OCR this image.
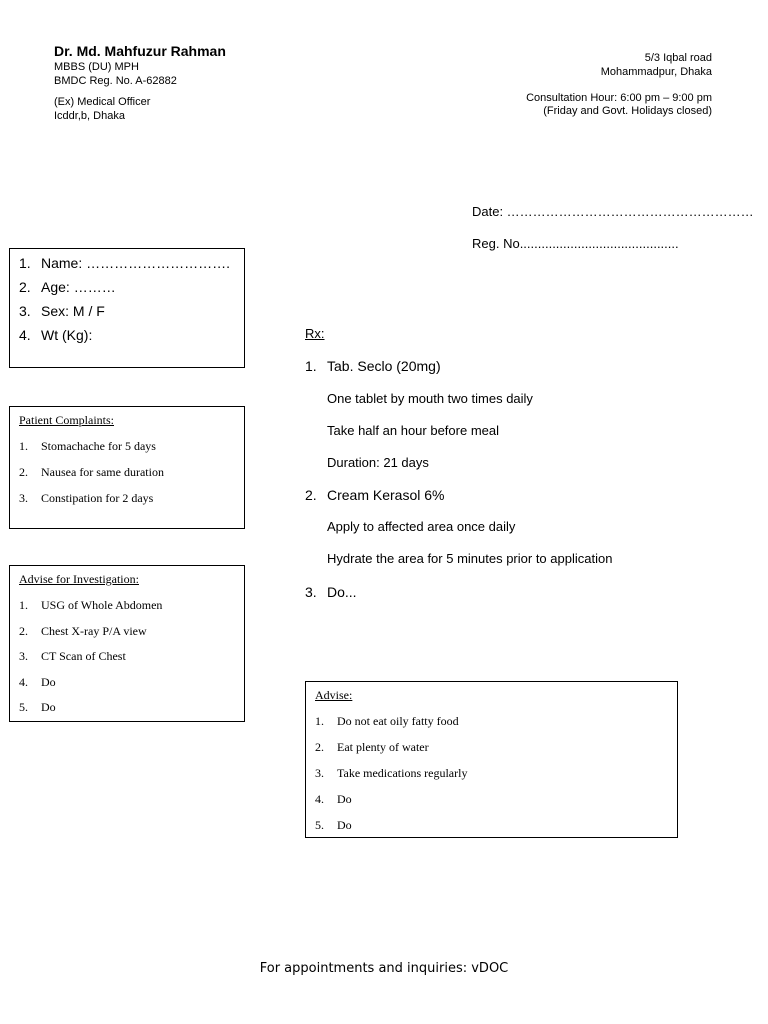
Dr. Md. Mahfuzur Rahman
MBBS (DU) MPH
BMDC Reg. No. A-62882
(Ex) Medical Officer
Icddr,b, Dhaka
5/3 Iqbal road
Mohammadpur, Dhaka
Consultation Hour: 6:00 pm – 9:00 pm
(Friday and Govt. Holidays closed)
Date: …………………………………………………
Reg. No............................................
1. Name: ………………………….
2. Age: ………
3. Sex: M / F
4. Wt (Kg):
Patient Complaints:
1. Stomachache for 5 days
2. Nausea for same duration
3. Constipation for 2 days
Advise for Investigation:
1. USG of Whole Abdomen
2. Chest X-ray P/A view
3. CT Scan of Chest
4. Do
5. Do
Rx:
1. Tab. Seclo (20mg)
One tablet by mouth two times daily
Take half an hour before meal
Duration: 21 days
2. Cream Kerasol 6%
Apply to affected area once daily
Hydrate the area for 5 minutes prior to application
3. Do...
Advise:
1. Do not eat oily fatty food
2. Eat plenty of water
3. Take medications regularly
4. Do
5. Do
For appointments and inquiries: vDOC
